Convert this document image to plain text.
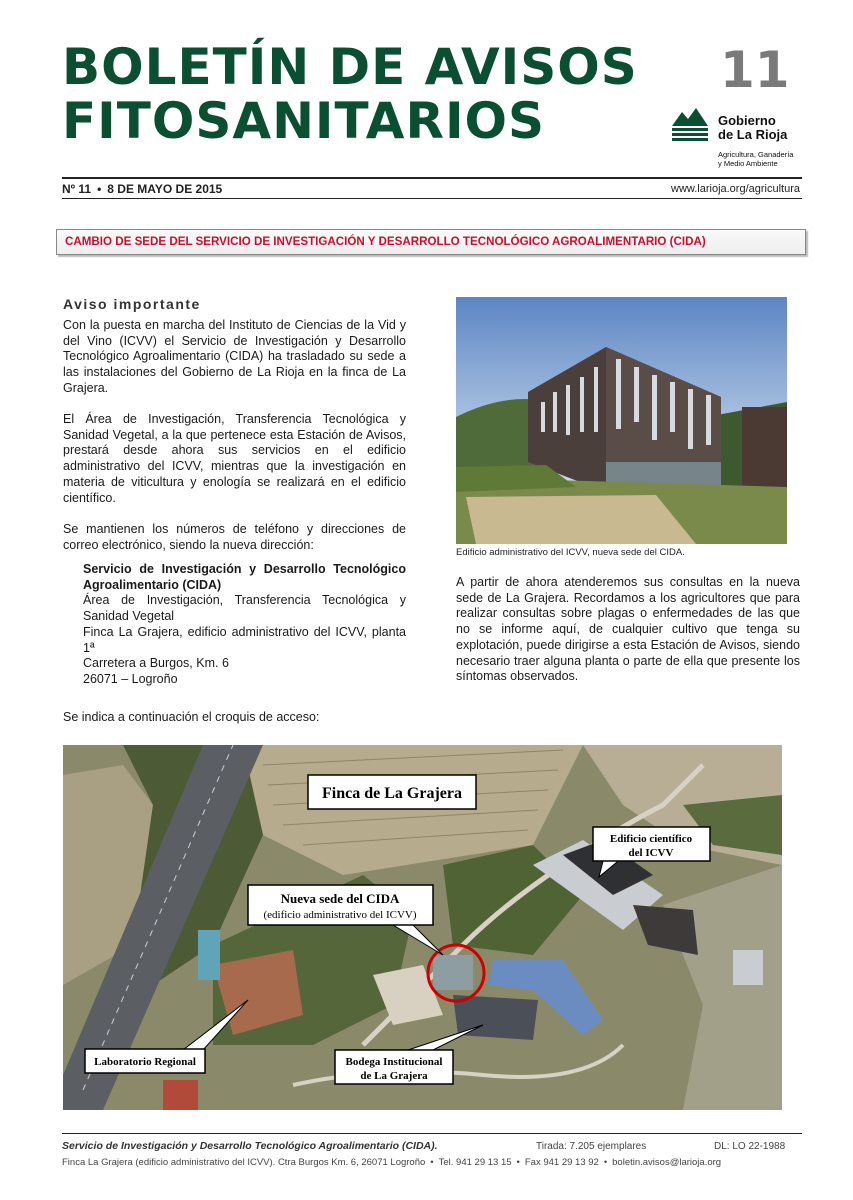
BOLETÍN DE AVISOS
FITOSANITARIOS
11
Gobierno
de La Rioja
Agricultura, Ganadería
y Medio Ambiente
Nº 11 • 8 DE MAYO DE 2015	www.larioja.org/agricultura
CAMBIO DE SEDE DEL SERVICIO DE INVESTIGACIÓN Y DESARROLLO TECNOLÓGICO AGROALIMENTARIO (CIDA)
Aviso importante

Con la puesta en marcha del Instituto de Ciencias de la Vid y del Vino (ICVV) el Servicio de Investigación y Desarrollo Tecnológico Agroalimentario (CIDA) ha trasladado su sede a las instalaciones del Gobierno de La Rioja en la finca de La Grajera.

El Área de Investigación, Transferencia Tecnológica y Sanidad Vegetal, a la que pertenece esta Estación de Avisos, prestará desde ahora sus servicios en el edificio administrativo del ICVV, mientras que la investigación en materia de viticultura y enología se realizará en el edificio científico.

Se mantienen los números de teléfono y direcciones de correo electrónico, siendo la nueva dirección:

Servicio de Investigación y Desarrollo Tecnológico Agroalimentario (CIDA)
Área de Investigación, Transferencia Tecnológica y Sanidad Vegetal
Finca La Grajera, edificio administrativo del ICVV, planta 1ª
Carretera a Burgos, Km. 6
26071 – Logroño
Edificio administrativo del ICVV, nueva sede del CIDA.

A partir de ahora atenderemos sus consultas en la nueva sede de La Grajera. Recordamos a los agricultores que para realizar consultas sobre plagas o enfermedades de las que no se informe aquí, de cualquier cultivo que tenga su explotación, puede dirigirse a esta Estación de Avisos, siendo necesario traer alguna planta o parte de ella que presente los síntomas observados.

Se indica a continuación el croquis de acceso:
Finca de La Grajera
Edificio científico
del ICVV
Nueva sede del CIDA
(edificio administrativo del ICVV)
Laboratorio Regional	Bodega Institucional
de La Grajera
Servicio de Investigación y Desarrollo Tecnológico Agroalimentario (CIDA).	Tirada: 7.205 ejemplares	DL: LO 22-1988
Finca La Grajera (edificio administrativo del ICVV). Ctra Burgos Km. 6, 26071 Logroño • Tel. 941 29 13 15 • Fax 941 29 13 92 • boletin.avisos@larioja.org
